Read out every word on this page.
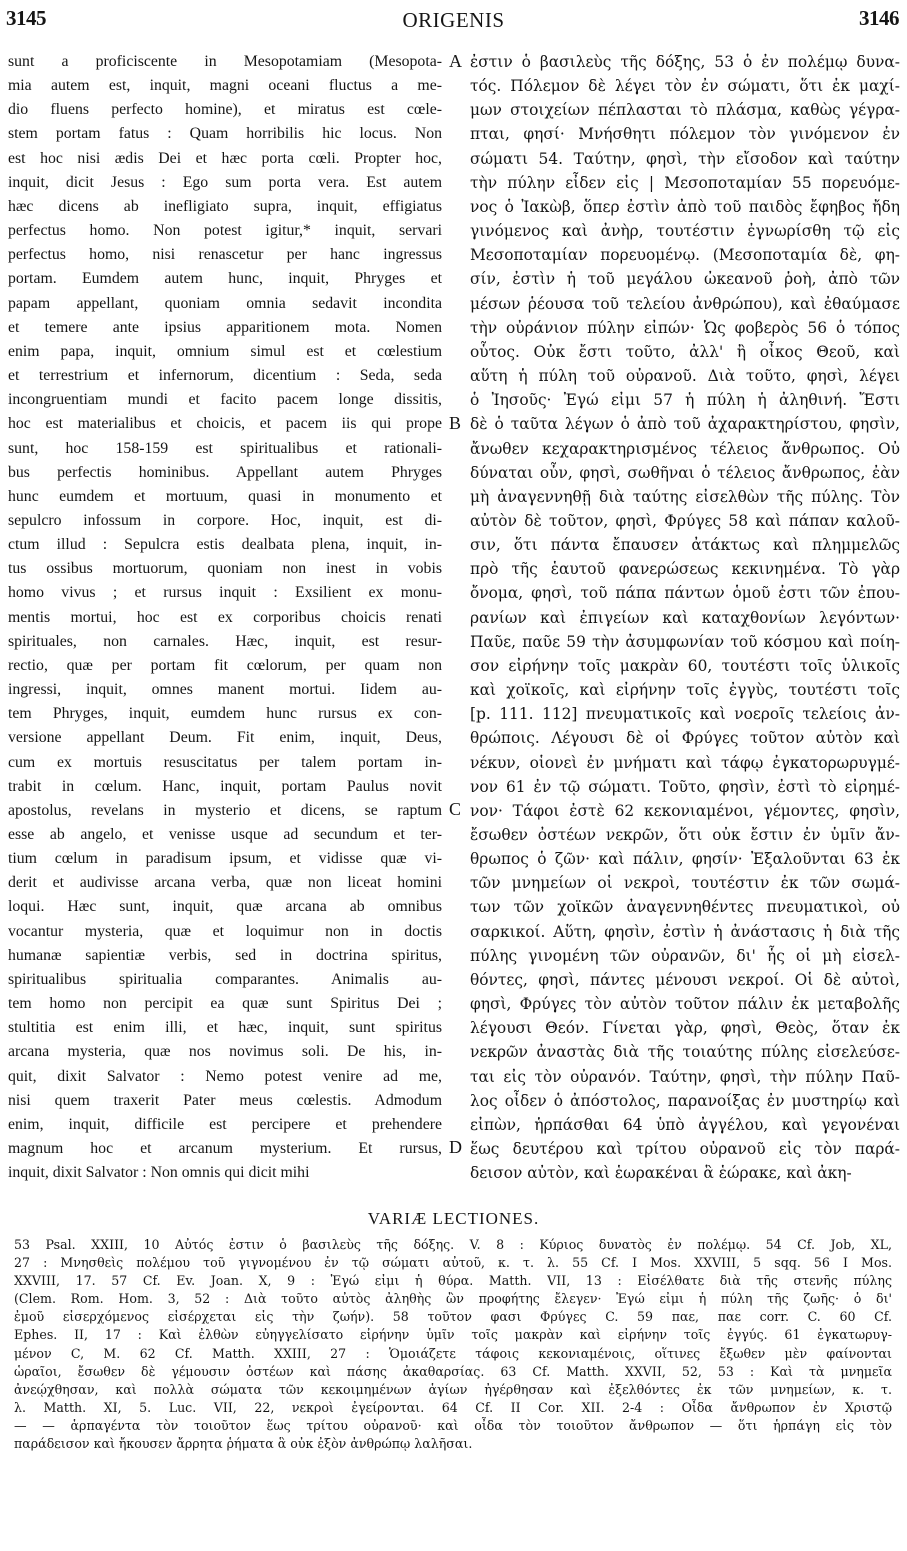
3145	ORIGENIS	3146
sunt a proficiscente in Mesopotamiam (Mesopota-
mia autem est, inquit, magni oceani fluctus a me-
dio fluens perfecto homine), et miratus est cœle-
stem portam fatus : Quam horribilis hic locus. Non
est hoc nisi ædis Dei et hæc porta cœli. Propter hoc,
inquit, dicit Jesus : Ego sum porta vera. Est autem
hæc dicens ab inefligiato supra, inquit, effigiatus
perfectus homo. Non potest igitur,* inquit, servari
perfectus homo, nisi renascetur per hanc ingressus
portam. Eumdem autem hunc, inquit, Phryges et
papam appellant, quoniam omnia sedavit incondita
et temere ante ipsius apparitionem mota. Nomen
enim papa, inquit, omnium simul est et cœlestium
et terrestrium et infernorum, dicentium : Seda, seda
incongruentiam mundi et facito pacem longe dissitis,
hoc est materialibus et choicis, et pacem iis qui prope
sunt, hoc 158-159 est spiritualibus et rationali-
bus perfectis hominibus. Appellant autem Phryges
hunc eumdem et mortuum, quasi in monumento et
sepulcro infossum in corpore. Hoc, inquit, est di-
ctum illud : Sepulcra estis dealbata plena, inquit, in-
tus ossibus mortuorum, quoniam non inest in vobis
homo vivus ; et rursus inquit : Exsilient ex monu-
mentis mortui, hoc est ex corporibus choicis renati
spirituales, non carnales. Hæc, inquit, est resur-
rectio, quæ per portam fit cœlorum, per quam non
ingressi, inquit, omnes manent mortui. Iidem au-
tem Phryges, inquit, eumdem hunc rursus ex con-
versione appellant Deum. Fit enim, inquit, Deus,
cum ex mortuis resuscitatus per talem portam in-
trabit in cœlum. Hanc, inquit, portam Paulus novit
apostolus, revelans in mysterio et dicens, se raptum
esse ab angelo, et venisse usque ad secundum et ter-
tium cœlum in paradisum ipsum, et vidisse quæ vi-
derit et audivisse arcana verba, quæ non liceat homini
loqui. Hæc sunt, inquit, quæ arcana ab omnibus
vocantur mysteria, quæ et loquimur non in doctis
humanæ sapientiæ verbis, sed in doctrina spiritus,
spiritualibus spiritualia comparantes. Animalis au-
tem homo non percipit ea quæ sunt Spiritus Dei ;
stultitia est enim illi, et hæc, inquit, sunt spiritus
arcana mysteria, quæ nos novimus soli. De his, in-
quit, dixit Salvator : Nemo potest venire ad me,
nisi quem traxerit Pater meus cœlestis. Admodum
enim, inquit, difficile est percipere et prehendere
magnum hoc et arcanum mysterium. Et rursus,
inquit, dixit Salvator : Non omnis qui dicit mihi
ἐστιν ὁ βασιλεὺς τῆς δόξης, 53 ὁ ἐν πολέμῳ δυνα-
τός. Πόλεμον δὲ λέγει τὸν ἐν σώματι, ὅτι ἐκ μαχί-
μων στοιχείων πέπλασται τὸ πλάσμα, καθὼς γέγρα-
πται, φησί· Μνήσθητι πόλεμον τὸν γινόμενον ἐν
σώματι 54. Ταύτην, φησὶ, τὴν εἴσοδον καὶ ταύτην
τὴν πύλην εἶδεν εἰς | Μεσοποταμίαν 55 πορευόμε-
νος ὁ Ἰακὼβ, ὅπερ ἐστὶν ἀπὸ τοῦ παιδὸς ἔφηβος ἤδη
γινόμενος καὶ ἀνὴρ, τουτέστιν ἐγνωρίσθη τῷ εἰς
Μεσοποταμίαν πορευομένῳ. (Μεσοποταμία δὲ, φη-
σίν, ἐστὶν ἡ τοῦ μεγάλου ὠκεανοῦ ῥοὴ, ἀπὸ τῶν
μέσων ῥέουσα τοῦ τελείου ἀνθρώπου), καὶ ἐθαύμασε
τὴν οὐράνιον πύλην εἰπών· Ὡς φοβερὸς 56 ὁ τόπος
οὗτος. Οὐκ ἔστι τοῦτο, ἀλλ' ἢ οἶκος Θεοῦ, καὶ
αὕτη ἡ πύλη τοῦ οὐρανοῦ. Διὰ τοῦτο, φησὶ, λέγει
ὁ Ἰησοῦς· Ἐγώ εἰμι 57 ἡ πύλη ἡ ἀληθινή. Ἔστι
δὲ ὁ ταῦτα λέγων ὁ ἀπὸ τοῦ ἀχαρακτηρίστου, φησὶν,
ἄνωθεν κεχαρακτηρισμένος τέλειος ἄνθρωπος. Οὐ
δύναται οὖν, φησὶ, σωθῆναι ὁ τέλειος ἄνθρωπος, ἐὰν
μὴ ἀναγεννηθῇ διὰ ταύτης εἰσελθὼν τῆς πύλης. Τὸν
αὐτὸν δὲ τοῦτον, φησὶ, Φρύγες 58 καὶ πάπαν καλοῦ-
σιν, ὅτι πάντα ἔπαυσεν ἀτάκτως καὶ πλημμελῶς
πρὸ τῆς ἑαυτοῦ φανερώσεως κεκινημένα. Τὸ γὰρ
ὄνομα, φησὶ, τοῦ πάπα πάντων ὁμοῦ ἐστι τῶν ἐπου-
ρανίων καὶ ἐπιγείων καὶ καταχθονίων λεγόντων·
Παῦε, παῦε 59 τὴν ἀσυμφωνίαν τοῦ κόσμου καὶ ποίη-
σον εἰρήνην τοῖς μακρὰν 60, τουτέστι τοῖς ὑλικοῖς
καὶ χοϊκοῖς, καὶ εἰρήνην τοῖς ἐγγὺς, τουτέστι τοῖς
[p. 111. 112] πνευματικοῖς καὶ νοεροῖς τελείοις ἀν-
θρώποις. Λέγουσι δὲ οἱ Φρύγες τοῦτον αὐτὸν καὶ
νέκυν, οἱονεὶ ἐν μνήματι καὶ τάφῳ ἐγκατορωρυγμέ-
νον 61 ἐν τῷ σώματι. Τοῦτο, φησὶν, ἐστὶ τὸ εἰρημέ-
νον· Τάφοι ἐστὲ 62 κεκονιαμένοι, γέμοντες, φησὶν,
ἔσωθεν ὀστέων νεκρῶν, ὅτι οὐκ ἔστιν ἐν ὑμῖν ἄν-
θρωπος ὁ ζῶν· καὶ πάλιν, φησίν· Ἐξαλοῦνται 63 ἐκ
τῶν μνημείων οἱ νεκροὶ, τουτέστιν ἐκ τῶν σωμά-
των τῶν χοϊκῶν ἀναγεννηθέντες πνευματικοὶ, οὐ
σαρκικοί. Αὕτη, φησὶν, ἐστὶν ἡ ἀνάστασις ἡ διὰ τῆς
πύλης γινομένη τῶν οὐρανῶν, δι' ἧς οἱ μὴ εἰσελ-
θόντες, φησὶ, πάντες μένουσι νεκροί. Οἱ δὲ αὐτοὶ,
φησὶ, Φρύγες τὸν αὐτὸν τοῦτον πάλιν ἐκ μεταβολῆς
λέγουσι Θεόν. Γίνεται γὰρ, φησὶ, Θεὸς, ὅταν ἐκ
νεκρῶν ἀναστὰς διὰ τῆς τοιαύτης πύλης εἰσελεύσε-
ται εἰς τὸν οὐρανόν. Ταύτην, φησὶ, τὴν πύλην Παῦ-
λος οἶδεν ὁ ἀπόστολος, παρανοίξας ἐν μυστηρίῳ καὶ
εἰπὼν, ἡρπάσθαι 64 ὑπὸ ἀγγέλου, καὶ γεγονέναι
ἕως δευτέρου καὶ τρίτου οὐρανοῦ εἰς τὸν παρά-
δεισον αὐτὸν, καὶ ἑωρακέναι ἃ ἑώρακε, καὶ ἀκη-
A
B
C
D
VARIÆ LECTIONES.
53 Psal. XXIII, 10 Αὐτός ἐστιν ὁ βασιλεὺς τῆς δόξης. V. 8 : Κύριος δυνατὸς ἐν πολέμῳ. 54 Cf. Job, XL,
27 : Μνησθεὶς πολέμου τοῦ γιγνομένου ἐν τῷ σώματι αὐτοῦ, κ. τ. λ. 55 Cf. I Mos. XXVIII, 5 sqq. 56 I Mos.
XXVIII, 17. 57 Cf. Ev. Joan. X, 9 : Ἐγώ εἰμι ἡ θύρα. Matth. VII, 13 : Εἰσέλθατε διὰ τῆς στενῆς πύλης
(Clem. Rom. Hom. 3, 52 : Διὰ τοῦτο αὐτὸς ἀληθὴς ὢν προφήτης ἔλεγεν· Ἐγώ εἰμι ἡ πύλη τῆς ζωῆς· ὁ δι'
ἐμοῦ εἰσερχόμενος εἰσέρχεται εἰς τὴν ζωήν). 58 τοῦτον φασι Φρύγες C. 59 παε, παε corr. C. 60 Cf.
Ephes. II, 17 : Καὶ ἐλθὼν εὐηγγελίσατο εἰρήνην ὑμῖν τοῖς μακρὰν καὶ εἰρήνην τοῖς ἐγγύς. 61 ἐγκατωρυγ-
μένον C, M. 62 Cf. Matth. XXIII, 27 : Ὁμοιάζετε τάφοις κεκονιαμένοις, οἵτινες ἔξωθεν μὲν φαίνονται
ὡραῖοι, ἔσωθεν δὲ γέμουσιν ὀστέων καὶ πάσης ἀκαθαρσίας. 63 Cf. Matth. XXVII, 52, 53 : Καὶ τὰ μνημεῖα
ἀνεῴχθησαν, καὶ πολλὰ σώματα τῶν κεκοιμημένων ἁγίων ἠγέρθησαν καὶ ἐξελθόντες ἐκ τῶν μνημείων, κ. τ.
λ. Matth. XI, 5. Luc. VII, 22, νεκροὶ ἐγείρονται. 64 Cf. II Cor. XII. 2-4 : Οἶδα ἄνθρωπον ἐν Χριστῷ
— — ἁρπαγέντα τὸν τοιοῦτον ἕως τρίτου οὐρανοῦ· καὶ οἶδα τὸν τοιοῦτον ἄνθρωπον — ὅτι ἡρπάγη εἰς τὸν
παράδεισον καὶ ἤκουσεν ἄρρητα ῥήματα ἃ οὐκ ἐξὸν ἀνθρώπῳ λαλῆσαι.
